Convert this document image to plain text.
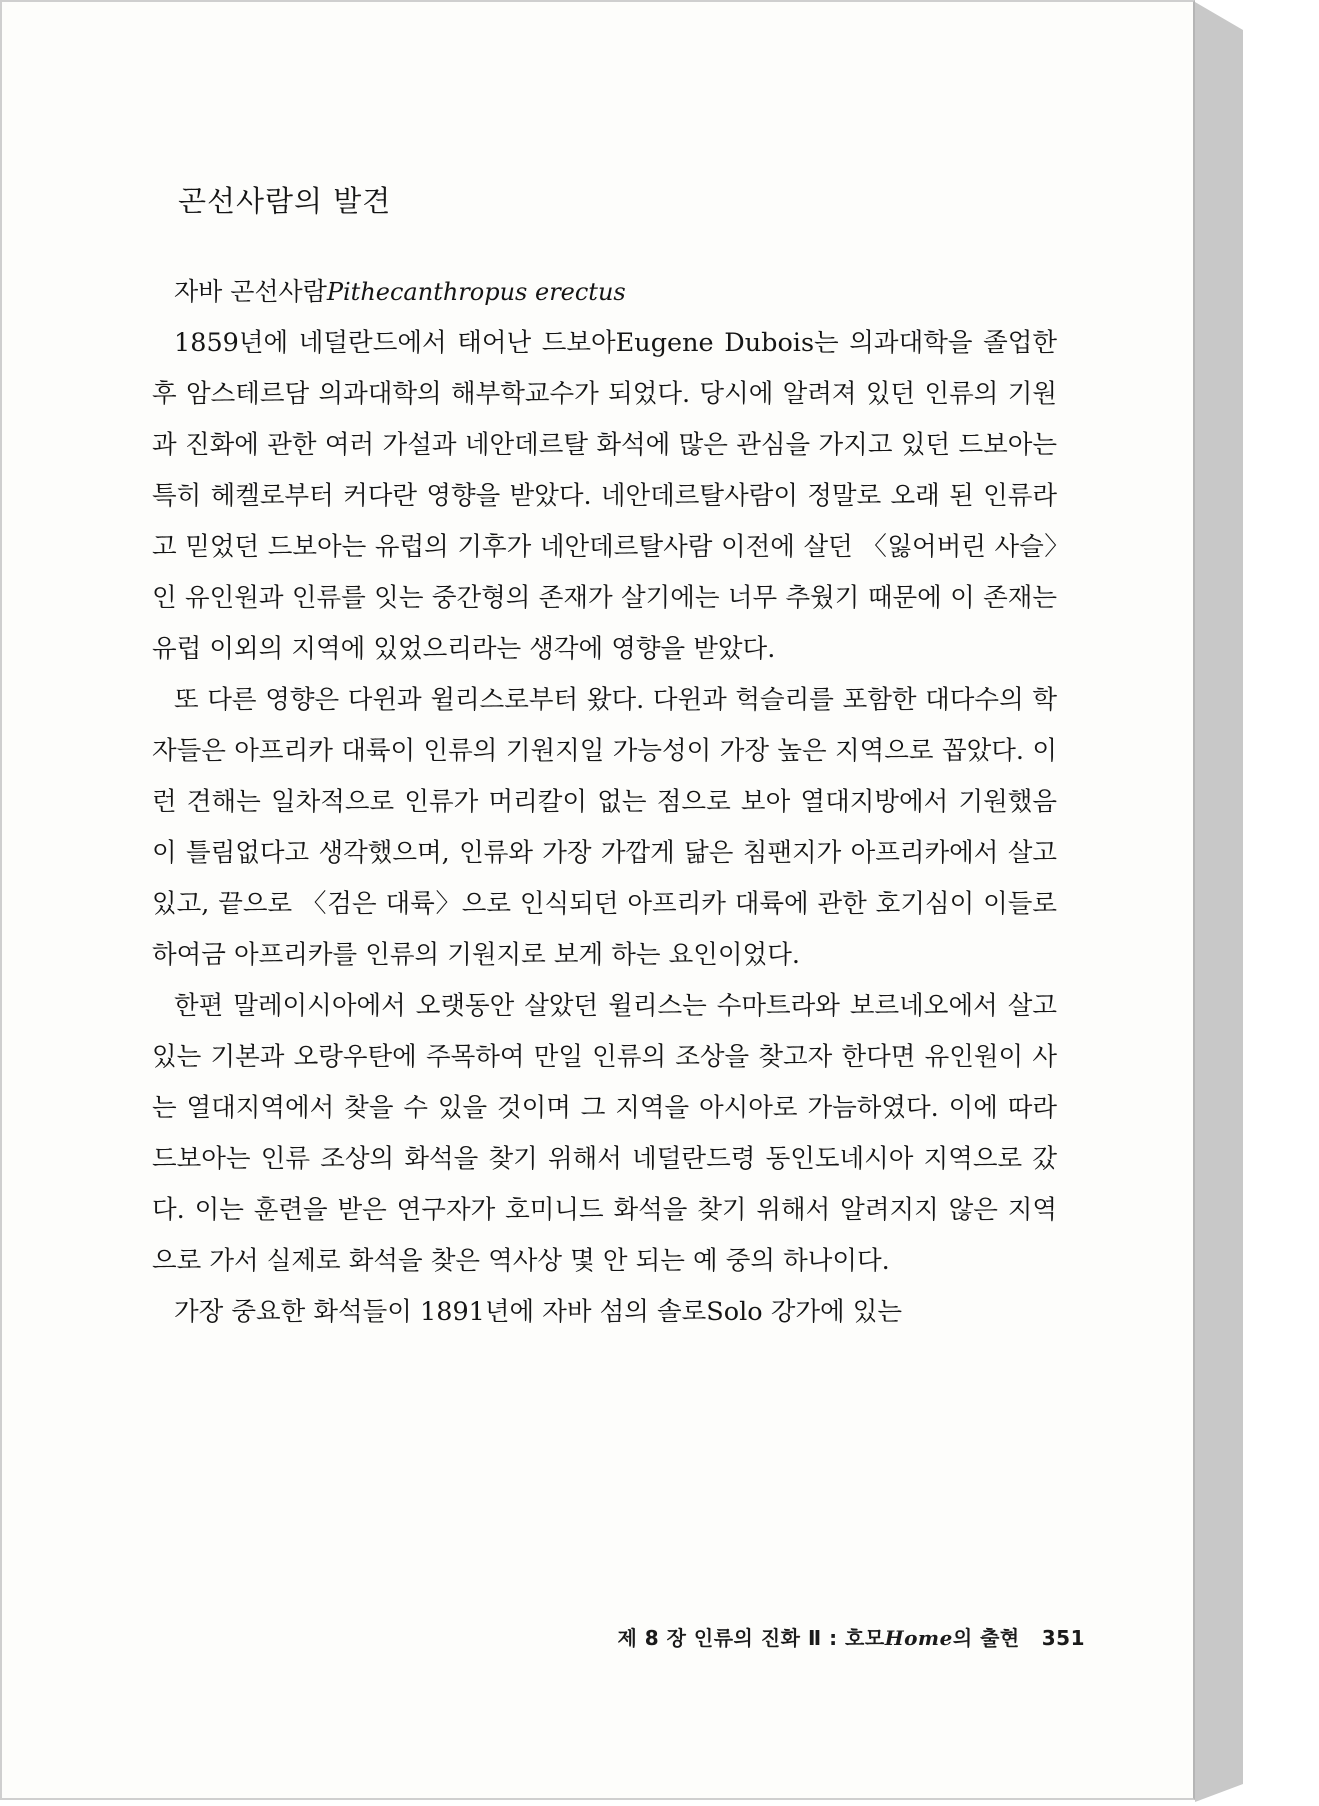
곤선사람의 발견
자바 곤선사람Pithecanthropus erectus

1859년에 네덜란드에서 태어난 드보아Eugene Dubois는 의과대학을 졸업한 후 암스테르담 의과대학의 해부학교수가 되었다. 당시에 알려져 있던 인류의 기원과 진화에 관한 여러 가설과 네안데르탈 화석에 많은 관심을 가지고 있던 드보아는 특히 헤켈로부터 커다란 영향을 받았다. 네안데르탈사람이 정말로 오래 된 인류라고 믿었던 드보아는 유럽의 기후가 네안데르탈사람 이전에 살던 〈잃어버린 사슬〉인 유인원과 인류를 잇는 중간형의 존재가 살기에는 너무 추웠기 때문에 이 존재는 유럽 이외의 지역에 있었으리라는 생각에 영향을 받았다.

또 다른 영향은 다윈과 윌리스로부터 왔다. 다윈과 헉슬리를 포함한 대다수의 학자들은 아프리카 대륙이 인류의 기원지일 가능성이 가장 높은 지역으로 꼽았다. 이런 견해는 일차적으로 인류가 머리칼이 없는 점으로 보아 열대지방에서 기원했음이 틀림없다고 생각했으며, 인류와 가장 가깝게 닮은 침팬지가 아프리카에서 살고 있고, 끝으로 〈검은 대륙〉으로 인식되던 아프리카 대륙에 관한 호기심이 이들로 하여금 아프리카를 인류의 기원지로 보게 하는 요인이었다.

한편 말레이시아에서 오랫동안 살았던 윌리스는 수마트라와 보르네오에서 살고 있는 기본과 오랑우탄에 주목하여 만일 인류의 조상을 찾고자 한다면 유인원이 사는 열대지역에서 찾을 수 있을 것이며 그 지역을 아시아로 가늠하였다. 이에 따라 드보아는 인류 조상의 화석을 찾기 위해서 네덜란드령 동인도네시아 지역으로 갔다. 이는 훈련을 받은 연구자가 호미니드 화석을 찾기 위해서 알려지지 않은 지역으로 가서 실제로 화석을 찾은 역사상 몇 안 되는 예 중의 하나이다.

가장 중요한 화석들이 1891년에 자바 섬의 솔로Solo 강가에 있는

제 8 장 인류의 진화 Ⅱ : 호모Home의 출현 351
